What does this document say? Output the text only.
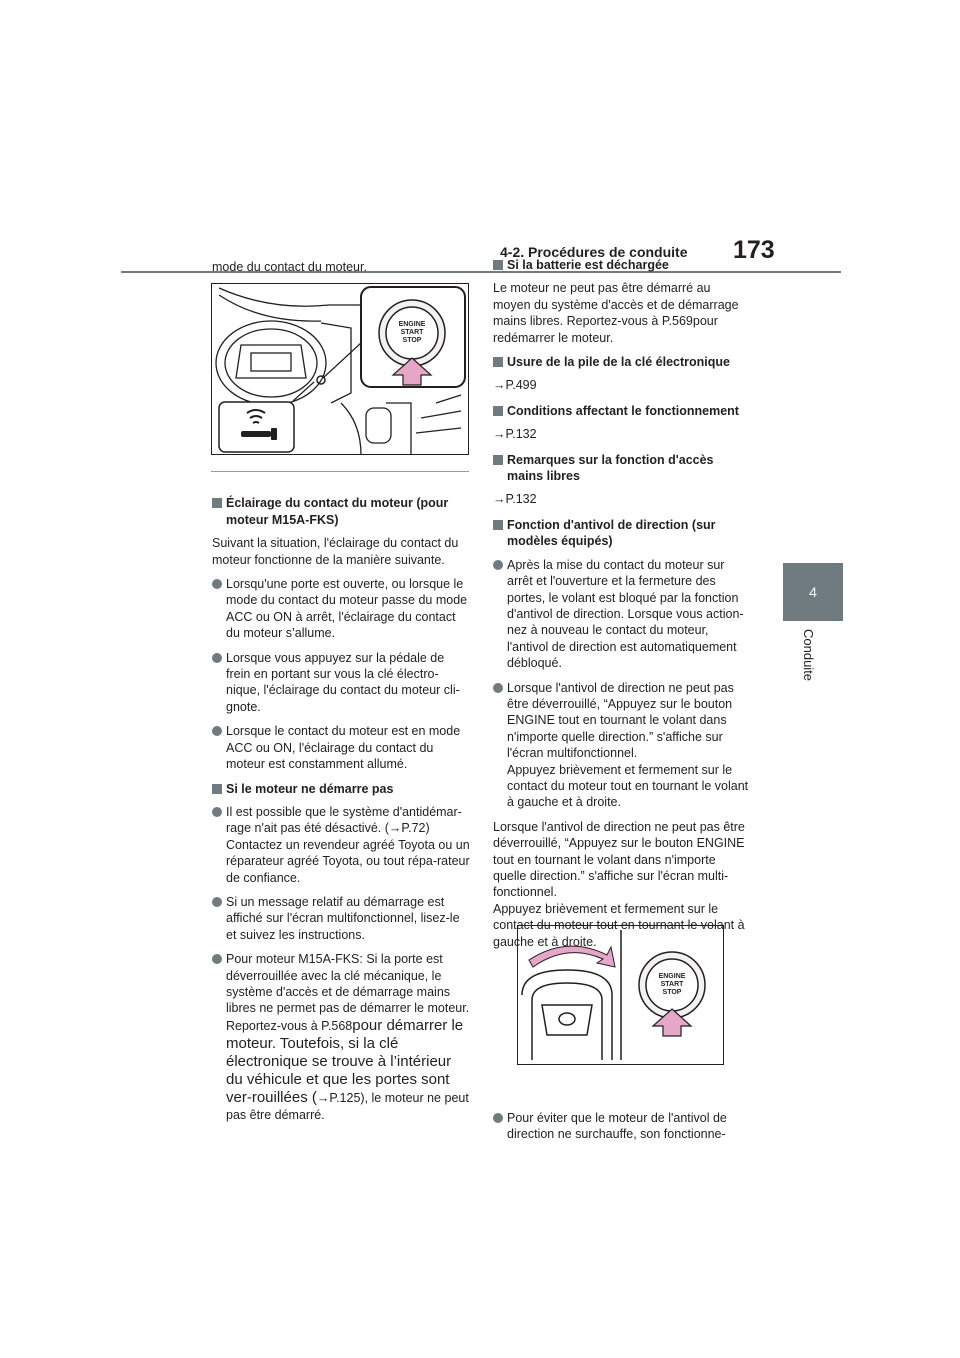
4-2. Procédures de conduite 173
4
Conduite
ENGINE
START
STOP
ENGINE
START
STOP

mode du contact du moteur.

Éclairage du contact du moteur (pour moteur M15A-FKS)

Suivant la situation, l'éclairage du contact du moteur fonctionne de la manière suivante.

Lorsqu'une porte est ouverte, ou lorsque le mode du contact du moteur passe du mode ACC ou ON à arrêt, l'éclairage du contact du moteur s’allume.
Lorsque vous appuyez sur la pédale de frein en portant sur vous la clé électro-nique, l'éclairage du contact du moteur cli-gnote.
Lorsque le contact du moteur est en mode ACC ou ON, l'éclairage du contact du moteur est constamment allumé.
Si le moteur ne démarre pas
Il est possible que le système d'antidémar-rage n'ait pas été désactivé. (→P.72) Contactez un revendeur agréé Toyota ou un réparateur agréé Toyota, ou tout répa-rateur de confiance.
Si un message relatif au démarrage est affiché sur l'écran multifonctionnel, lisez-le et suivez les instructions.
Pour moteur M15A-FKS: Si la porte est déverrouillée avec la clé mécanique, le système d'accès et de démarrage mains libres ne permet pas de démarrer le moteur. Reportez-vous à P.568pour démarrer le moteur. Toutefois, si la clé électronique se trouve à l’intérieur du véhicule et que les portes sont ver-rouillées (→P.125), le moteur ne peut pas être démarré.
Si la batterie est déchargée

Le moteur ne peut pas être démarré au moyen du système d'accès et de démarrage mains libres. Reportez-vous à P.569pour redémarrer le moteur.

Usure de la pile de la clé électronique

→P.499

Conditions affectant le fonctionnement

→P.132

Remarques sur la fonction d'accès mains libres

→P.132

Fonction d'antivol de direction (sur modèles équipés)
Après la mise du contact du moteur sur arrêt et l'ouverture et la fermeture des portes, le volant est bloqué par la fonction d'antivol de direction. Lorsque vous action-nez à nouveau le contact du moteur, l'antivol de direction est automatiquement débloqué.
Lorsque l'antivol de direction ne peut pas être déverrouillé, “Appuyez sur le bouton ENGINE tout en tournant le volant dans n'importe quelle direction.” s'affiche sur l'écran multifonctionnel.
Appuyez brièvement et fermement sur le contact du moteur tout en tournant le volant à gauche et à droite.

Lorsque l'antivol de direction ne peut pas être déverrouillé, “Appuyez sur le bouton ENGINE tout en tournant le volant dans n'importe quelle direction.” s'affiche sur l'écran multi-fonctionnel.
Appuyez brièvement et fermement sur le contact du moteur tout en tournant le volant à gauche et à droite.

Pour éviter que le moteur de l'antivol de direction ne surchauffe, son fonctionne-
